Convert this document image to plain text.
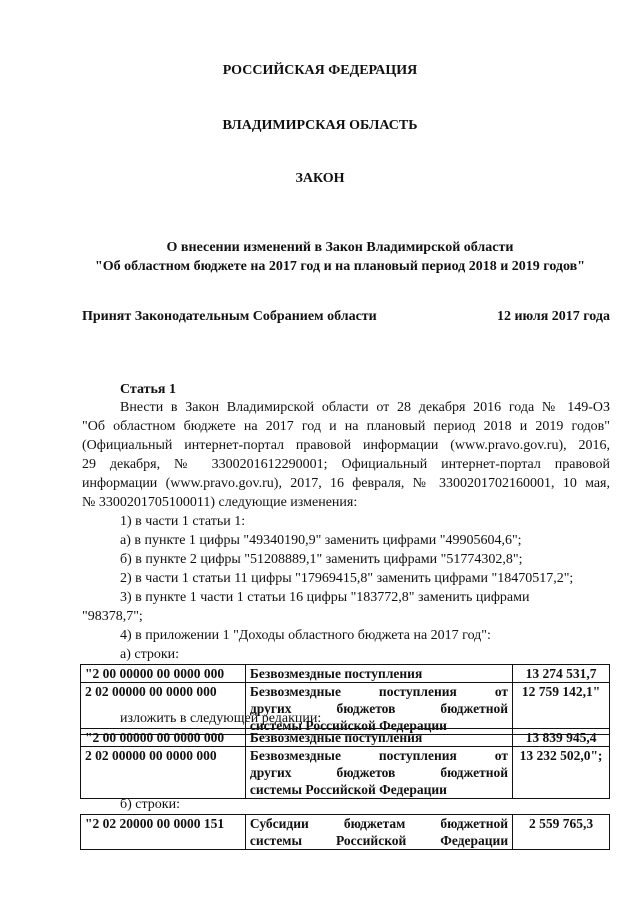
РОССИЙСКАЯ ФЕДЕРАЦИЯ
ВЛАДИМИРСКАЯ ОБЛАСТЬ
ЗАКОН
О внесении изменений в Закон Владимирской области
"Об областном бюджете на 2017 год и на плановый период 2018 и 2019 годов"
Принят Законодательным Собранием области	12 июля 2017 года
Статья 1
Внести в Закон Владимирской области от 28 декабря 2016 года № 149-ОЗ
"Об областном бюджете на 2017 год и на плановый период 2018 и 2019 годов"
(Официальный интернет-портал правовой информации (www.pravo.gov.ru), 2016,
29 декабря, № 3300201612290001; Официальный интернет-портал правовой
информации (www.pravo.gov.ru), 2017, 16 февраля, № 3300201702160001, 10 мая,
№ 3300201705100011) следующие изменения:
1) в части 1 статьи 1:
а) в пункте 1 цифры "49340190,9" заменить цифрами "49905604,6";
б) в пункте 2 цифры "51208889,1" заменить цифрами "51774302,8";
2) в части 1 статьи 11 цифры "17969415,8" заменить цифрами "18470517,2";
3) в пункте 1 части 1 статьи 16 цифры "183772,8" заменить цифрами
"98378,7";
4) в приложении 1 "Доходы областного бюджета на 2017 год":
а) строки:
"2 00 00000 00 0000 000	Безвозмездные поступления	13 274 531,7
2 02 00000 00 0000 000	Безвозмездные поступления от
других бюджетов бюджетной
системы Российской Федерации	12 759 142,1"
изложить в следующей редакции:
"2 00 00000 00 0000 000	Безвозмездные поступления	13 839 945,4
2 02 00000 00 0000 000	Безвозмездные поступления от
других бюджетов бюджетной
системы Российской Федерации	13 232 502,0";
б) строки:
"2 02 20000 00 0000 151	Субсидии бюджетам бюджетной
системы Российской Федерации
	2 559 765,3
